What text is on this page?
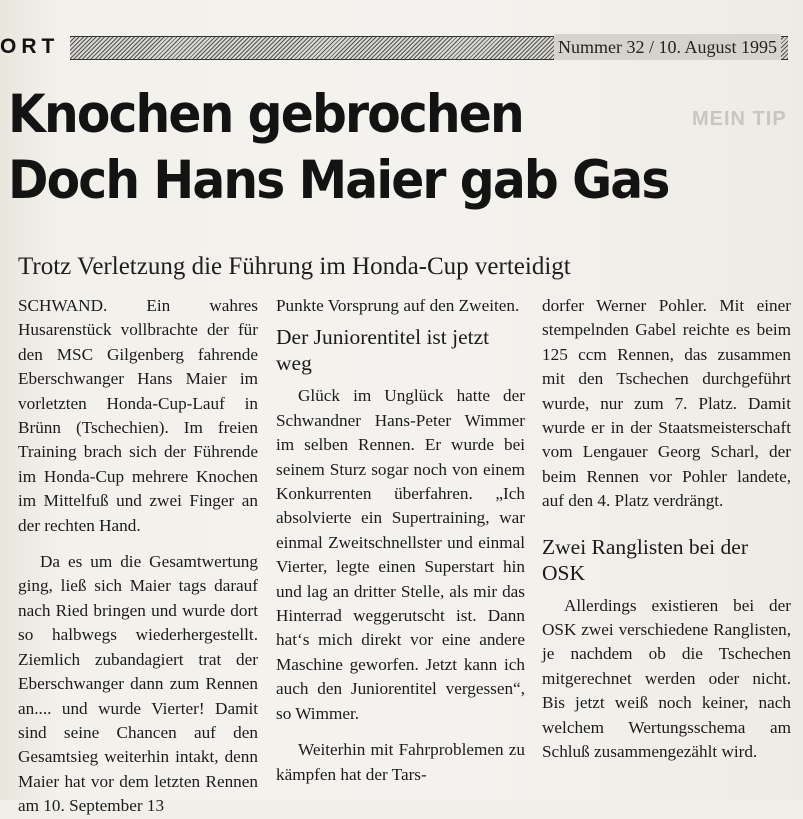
ORT	Nummer 32 / 10. August 1995
MEIN TIP
Knochen gebrochen
Doch Hans Maier gab Gas
Trotz Verletzung die Führung im Honda-Cup verteidigt

SCHWAND. Ein wahres Husarenstück vollbrachte der für den MSC Gilgenberg fahrende Eberschwanger Hans Maier im vorletzten Honda-Cup-Lauf in Brünn (Tschechien). Im freien Training brach sich der Führende im Honda-Cup mehrere Knochen im Mittelfuß und zwei Finger an der rechten Hand.

Da es um die Gesamtwertung ging, ließ sich Maier tags darauf nach Ried bringen und wurde dort so halbwegs wiederhergestellt. Ziemlich zubandagiert trat der Eberschwanger dann zum Rennen an.... und wurde Vierter! Damit sind seine Chancen auf den Gesamtsieg weiterhin intakt, denn Maier hat vor dem letzten Rennen am 10. September 13

Punkte Vorsprung auf den Zweiten.

Der Juniorentitel ist jetzt weg

Glück im Unglück hatte der Schwandner Hans-Peter Wimmer im selben Rennen. Er wurde bei seinem Sturz sogar noch von einem Konkurrenten überfahren. „Ich absolvierte ein Supertraining, war einmal Zweitschnellster und einmal Vierter, legte einen Superstart hin und lag an dritter Stelle, als mir das Hinterrad weggerutscht ist. Dann hat‘s mich direkt vor eine andere Maschine geworfen. Jetzt kann ich auch den Juniorentitel vergessen“, so Wimmer.

Weiterhin mit Fahrproblemen zu kämpfen hat der Tars-

dorfer Werner Pohler. Mit einer stempelnden Gabel reichte es beim 125 ccm Rennen, das zusammen mit den Tschechen durchgeführt wurde, nur zum 7. Platz. Damit wurde er in der Staatsmeisterschaft vom Lengauer Georg Scharl, der beim Rennen vor Pohler landete, auf den 4. Platz verdrängt.

Zwei Ranglisten bei der OSK

Allerdings existieren bei der OSK zwei verschiedene Ranglisten, je nachdem ob die Tschechen mitgerechnet werden oder nicht. Bis jetzt weiß noch keiner, nach welchem Wertungsschema am Schluß zusammengezählt wird.
